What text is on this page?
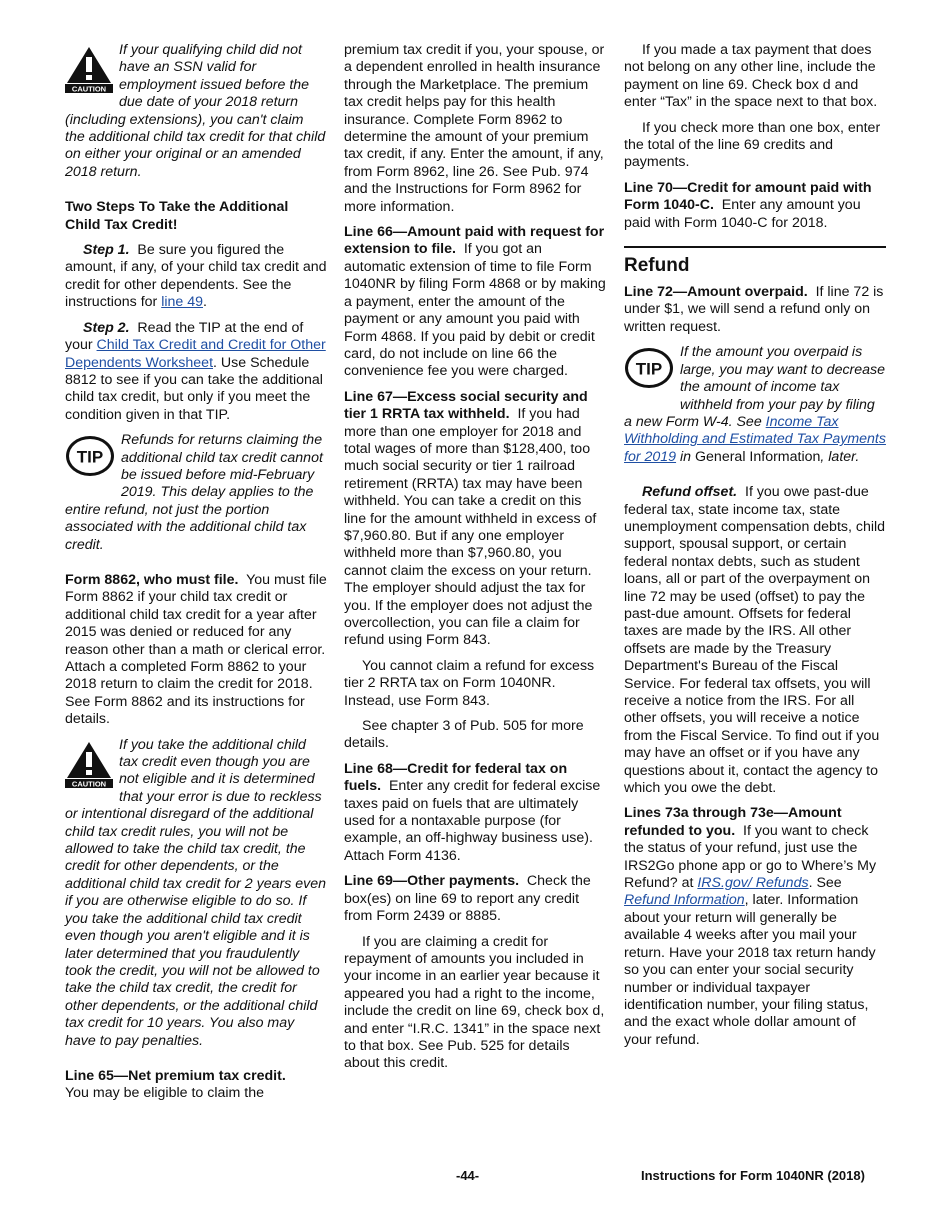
CAUTION
If your qualifying child did not have an SSN valid for employment issued before the due date of your 2018 return (including extensions), you can't claim the additional child tax credit for that child on either your original or an amended 2018 return.

Two Steps To Take the Additional Child Tax Credit!

Step 1. Be sure you figured the amount, if any, of your child tax credit and credit for other dependents. See the instructions for line 49.

Step 2. Read the TIP at the end of your Child Tax Credit and Credit for Other Dependents Worksheet. Use Schedule 8812 to see if you can take the additional child tax credit, but only if you meet the condition given in that TIP.

TIP
Refunds for returns claiming the additional child tax credit cannot be issued before mid-February 2019. This delay applies to the entire refund, not just the portion associated with the additional child tax credit.

Form 8862, who must file. You must file Form 8862 if your child tax credit or additional child tax credit for a year after 2015 was denied or reduced for any reason other than a math or clerical error. Attach a completed Form 8862 to your 2018 return to claim the credit for 2018. See Form 8862 and its instructions for details.

CAUTION
If you take the additional child tax credit even though you are not eligible and it is determined that your error is due to reckless or intentional disregard of the additional child tax credit rules, you will not be allowed to take the child tax credit, the credit for other dependents, or the additional child tax credit for 2 years even if you are otherwise eligible to do so. If you take the additional child tax credit even though you aren't eligible and it is later determined that you fraudulently took the credit, you will not be allowed to take the child tax credit, the credit for other dependents, or the additional child tax credit for 10 years. You also may have to pay penalties.

Line 65—Net premium tax credit.
You may be eligible to claim the

premium tax credit if you, your spouse, or a dependent enrolled in health insurance through the Marketplace. The premium tax credit helps pay for this health insurance. Complete Form 8962 to determine the amount of your premium tax credit, if any. Enter the amount, if any, from Form 8962, line 26. See Pub. 974 and the Instructions for Form 8962 for more information.

Line 66—Amount paid with request for extension to file. If you got an automatic extension of time to file Form 1040NR by filing Form 4868 or by making a payment, enter the amount of the payment or any amount you paid with Form 4868. If you paid by debit or credit card, do not include on line 66 the convenience fee you were charged.

Line 67—Excess social security and tier 1 RRTA tax withheld. If you had more than one employer for 2018 and total wages of more than $128,400, too much social security or tier 1 railroad retirement (RRTA) tax may have been withheld. You can take a credit on this line for the amount withheld in excess of $7,960.80. But if any one employer withheld more than $7,960.80, you cannot claim the excess on your return. The employer should adjust the tax for you. If the employer does not adjust the overcollection, you can file a claim for refund using Form 843.

You cannot claim a refund for excess tier 2 RRTA tax on Form 1040NR. Instead, use Form 843.

See chapter 3 of Pub. 505 for more details.

Line 68—Credit for federal tax on fuels. Enter any credit for federal excise taxes paid on fuels that are ultimately used for a nontaxable purpose (for example, an off-highway business use). Attach Form 4136.

Line 69—Other payments. Check the box(es) on line 69 to report any credit from Form 2439 or 8885.

If you are claiming a credit for repayment of amounts you included in your income in an earlier year because it appeared you had a right to the income, include the credit on line 69, check box d, and enter “I.R.C. 1341” in the space next to that box. See Pub. 525 for details about this credit.

If you made a tax payment that does not belong on any other line, include the payment on line 69. Check box d and enter “Tax” in the space next to that box.

If you check more than one box, enter the total of the line 69 credits and payments.

Line 70—Credit for amount paid with Form 1040-C. Enter any amount you paid with Form 1040-C for 2018.

Refund

Line 72—Amount overpaid. If line 72 is under $1, we will send a refund only on written request.

TIP
If the amount you overpaid is large, you may want to decrease the amount of income tax withheld from your pay by filing a new Form W-4. See Income Tax Withholding and Estimated Tax Payments for 2019 in General Information, later.

Refund offset. If you owe past-due federal tax, state income tax, state unemployment compensation debts, child support, spousal support, or certain federal nontax debts, such as student loans, all or part of the overpayment on line 72 may be used (offset) to pay the past-due amount. Offsets for federal taxes are made by the IRS. All other offsets are made by the Treasury Department's Bureau of the Fiscal Service. For federal tax offsets, you will receive a notice from the IRS. For all other offsets, you will receive a notice from the Fiscal Service. To find out if you may have an offset or if you have any questions about it, contact the agency to which you owe the debt.

Lines 73a through 73e—Amount refunded to you. If you want to check the status of your refund, just use the IRS2Go phone app or go to Where’s My Refund? at IRS.gov/ Refunds. See Refund Information, later. Information about your return will generally be available 4 weeks after you mail your return. Have your 2018 tax return handy so you can enter your social security number or individual taxpayer identification number, your filing status, and the exact whole dollar amount of your refund.

-44-	Instructions for Form 1040NR (2018)
